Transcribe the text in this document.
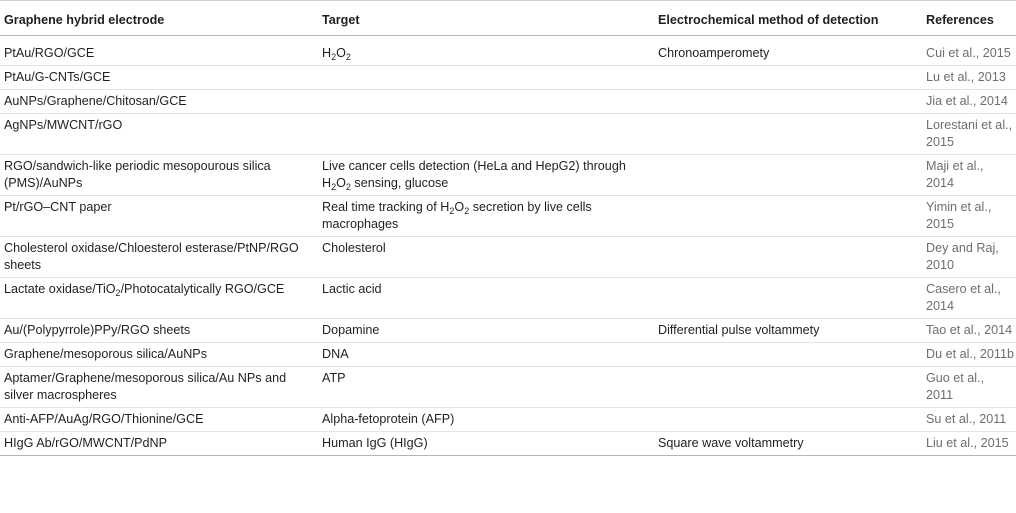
Graphene hybrid electrode	Target	Electrochemical method of detection	References
PtAu/RGO/GCE	$H_2O_2$	Chronoamperomety	Cui et al., 2015
PtAu/G-CNTs/GCE			Lu et al., 2013
AuNPs/Graphene/Chitosan/GCE			Jia et al., 2014
AgNPs/MWCNT/rGO			Lorestani et al., 2015
RGO/sandwich-like periodic mesopourous silica (PMS)/AuNPs	Live cancer cells detection (HeLa and HepG2) through $H_2O_2$ sensing, glucose		Maji et al., 2014
Pt/rGO–CNT paper	Real time tracking of $H_2O_2$ secretion by live cells macrophages		Yimin et al., 2015
Cholesterol oxidase/Chloesterol esterase/PtNP/RGO sheets	Cholesterol		Dey and Raj, 2010
Lactate oxidase/TiO$_2$/Photocatalytically RGO/GCE	Lactic acid		Casero et al., 2014
Au/(Polypyrrole)PPy/RGO sheets	Dopamine	Differential pulse voltammety	Tao et al., 2014
Graphene/mesoporous silica/AuNPs	DNA		Du et al., 2011b
Aptamer/Graphene/mesoporous silica/Au NPs and silver macrospheres	ATP		Guo et al., 2011
Anti-AFP/AuAg/RGO/Thionine/GCE	Alpha-fetoprotein (AFP)		Su et al., 2011
HIgG Ab/rGO/MWCNT/PdNP	Human IgG (HIgG)	Square wave voltammetry	Liu et al., 2015
